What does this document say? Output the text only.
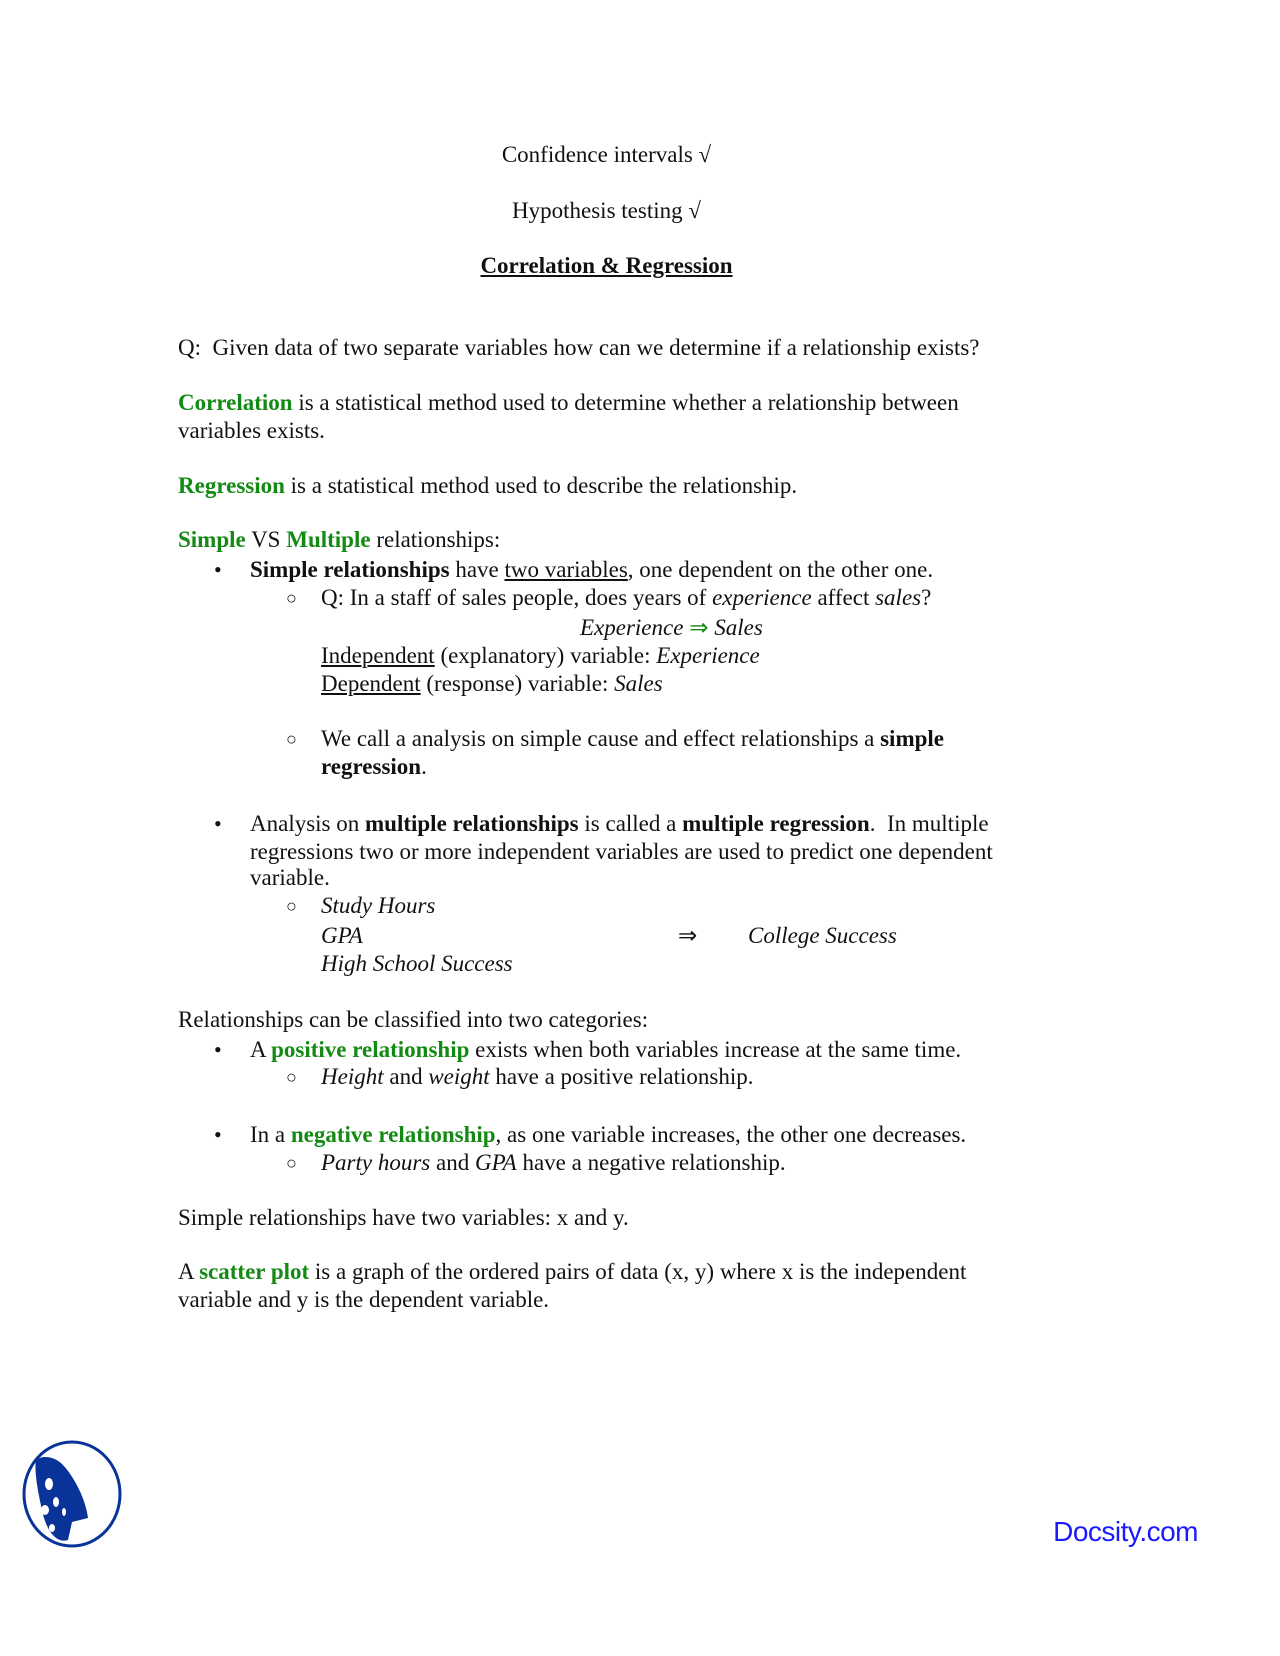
Confidence intervals √
Hypothesis testing √
Correlation & Regression
Q:  Given data of two separate variables how can we determine if a relationship exists?
Correlation is a statistical method used to determine whether a relationship between
variables exists.
Regression is a statistical method used to describe the relationship.
Simple VS Multiple relationships:
Simple relationships have two variables, one dependent on the other one.
•
Q: In a staff of sales people, does years of experience affect sales?
○
Experience ⇒ Sales
Independent (explanatory) variable: Experience
Dependent (response) variable: Sales
We call a analysis on simple cause and effect relationships a simple
○
regression.
Analysis on multiple relationships is called a multiple regression.  In multiple
•
regressions two or more independent variables are used to predict one dependent
variable.
Study Hours
○
GPA	⇒ College Success
High School Success
Relationships can be classified into two categories:
A positive relationship exists when both variables increase at the same time.
•
Height and weight have a positive relationship.
○
In a negative relationship, as one variable increases, the other one decreases.
•
Party hours and GPA have a negative relationship.
○
Simple relationships have two variables: x and y.
A scatter plot is a graph of the ordered pairs of data (x, y) where x is the independent
variable and y is the dependent variable.
Docsity.com
